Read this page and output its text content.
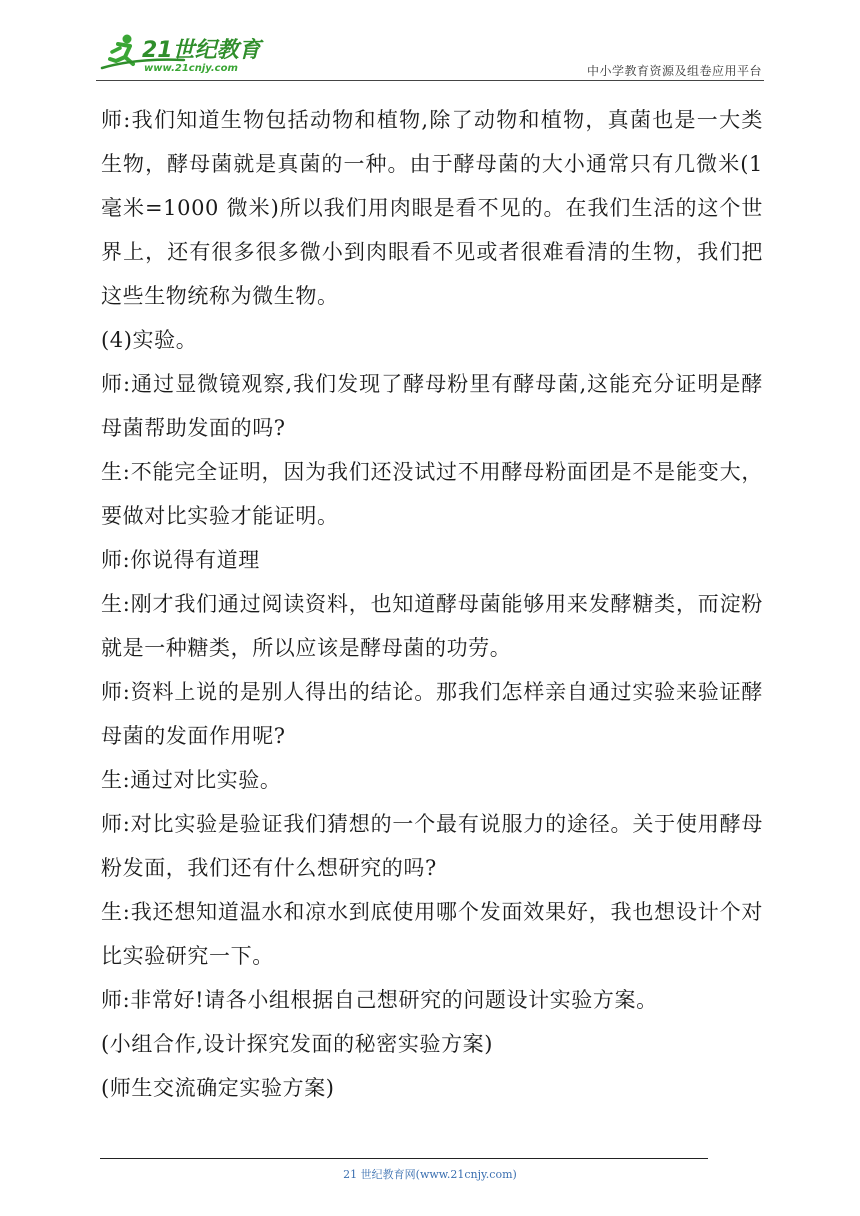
21世纪教育
www.21cnjy.com	中小学教育资源及组卷应用平台

师:我们知道生物包括动物和植物,除了动物和植物，真菌也是一大类生物，酵母菌就是真菌的一种。由于酵母菌的大小通常只有几微米(1 毫米=1000 微米)所以我们用肉眼是看不见的。在我们生活的这个世界上，还有很多很多微小到肉眼看不见或者很难看清的生物，我们把这些生物统称为微生物。

(4)实验。

师:通过显微镜观察,我们发现了酵母粉里有酵母菌,这能充分证明是酵母菌帮助发面的吗?

生:不能完全证明，因为我们还没试过不用酵母粉面团是不是能变大，要做对比实验才能证明。

师:你说得有道理

生:刚才我们通过阅读资料，也知道酵母菌能够用来发酵糖类，而淀粉就是一种糖类，所以应该是酵母菌的功劳。

师:资料上说的是别人得出的结论。那我们怎样亲自通过实验来验证酵母菌的发面作用呢?

生:通过对比实验。

师:对比实验是验证我们猜想的一个最有说服力的途径。关于使用酵母粉发面，我们还有什么想研究的吗?

生:我还想知道温水和凉水到底使用哪个发面效果好，我也想设计个对比实验研究一下。

师:非常好!请各小组根据自己想研究的问题设计实验方案。

(小组合作,设计探究发面的秘密实验方案)

(师生交流确定实验方案)

21 世纪教育网(www.21cnjy.com)
